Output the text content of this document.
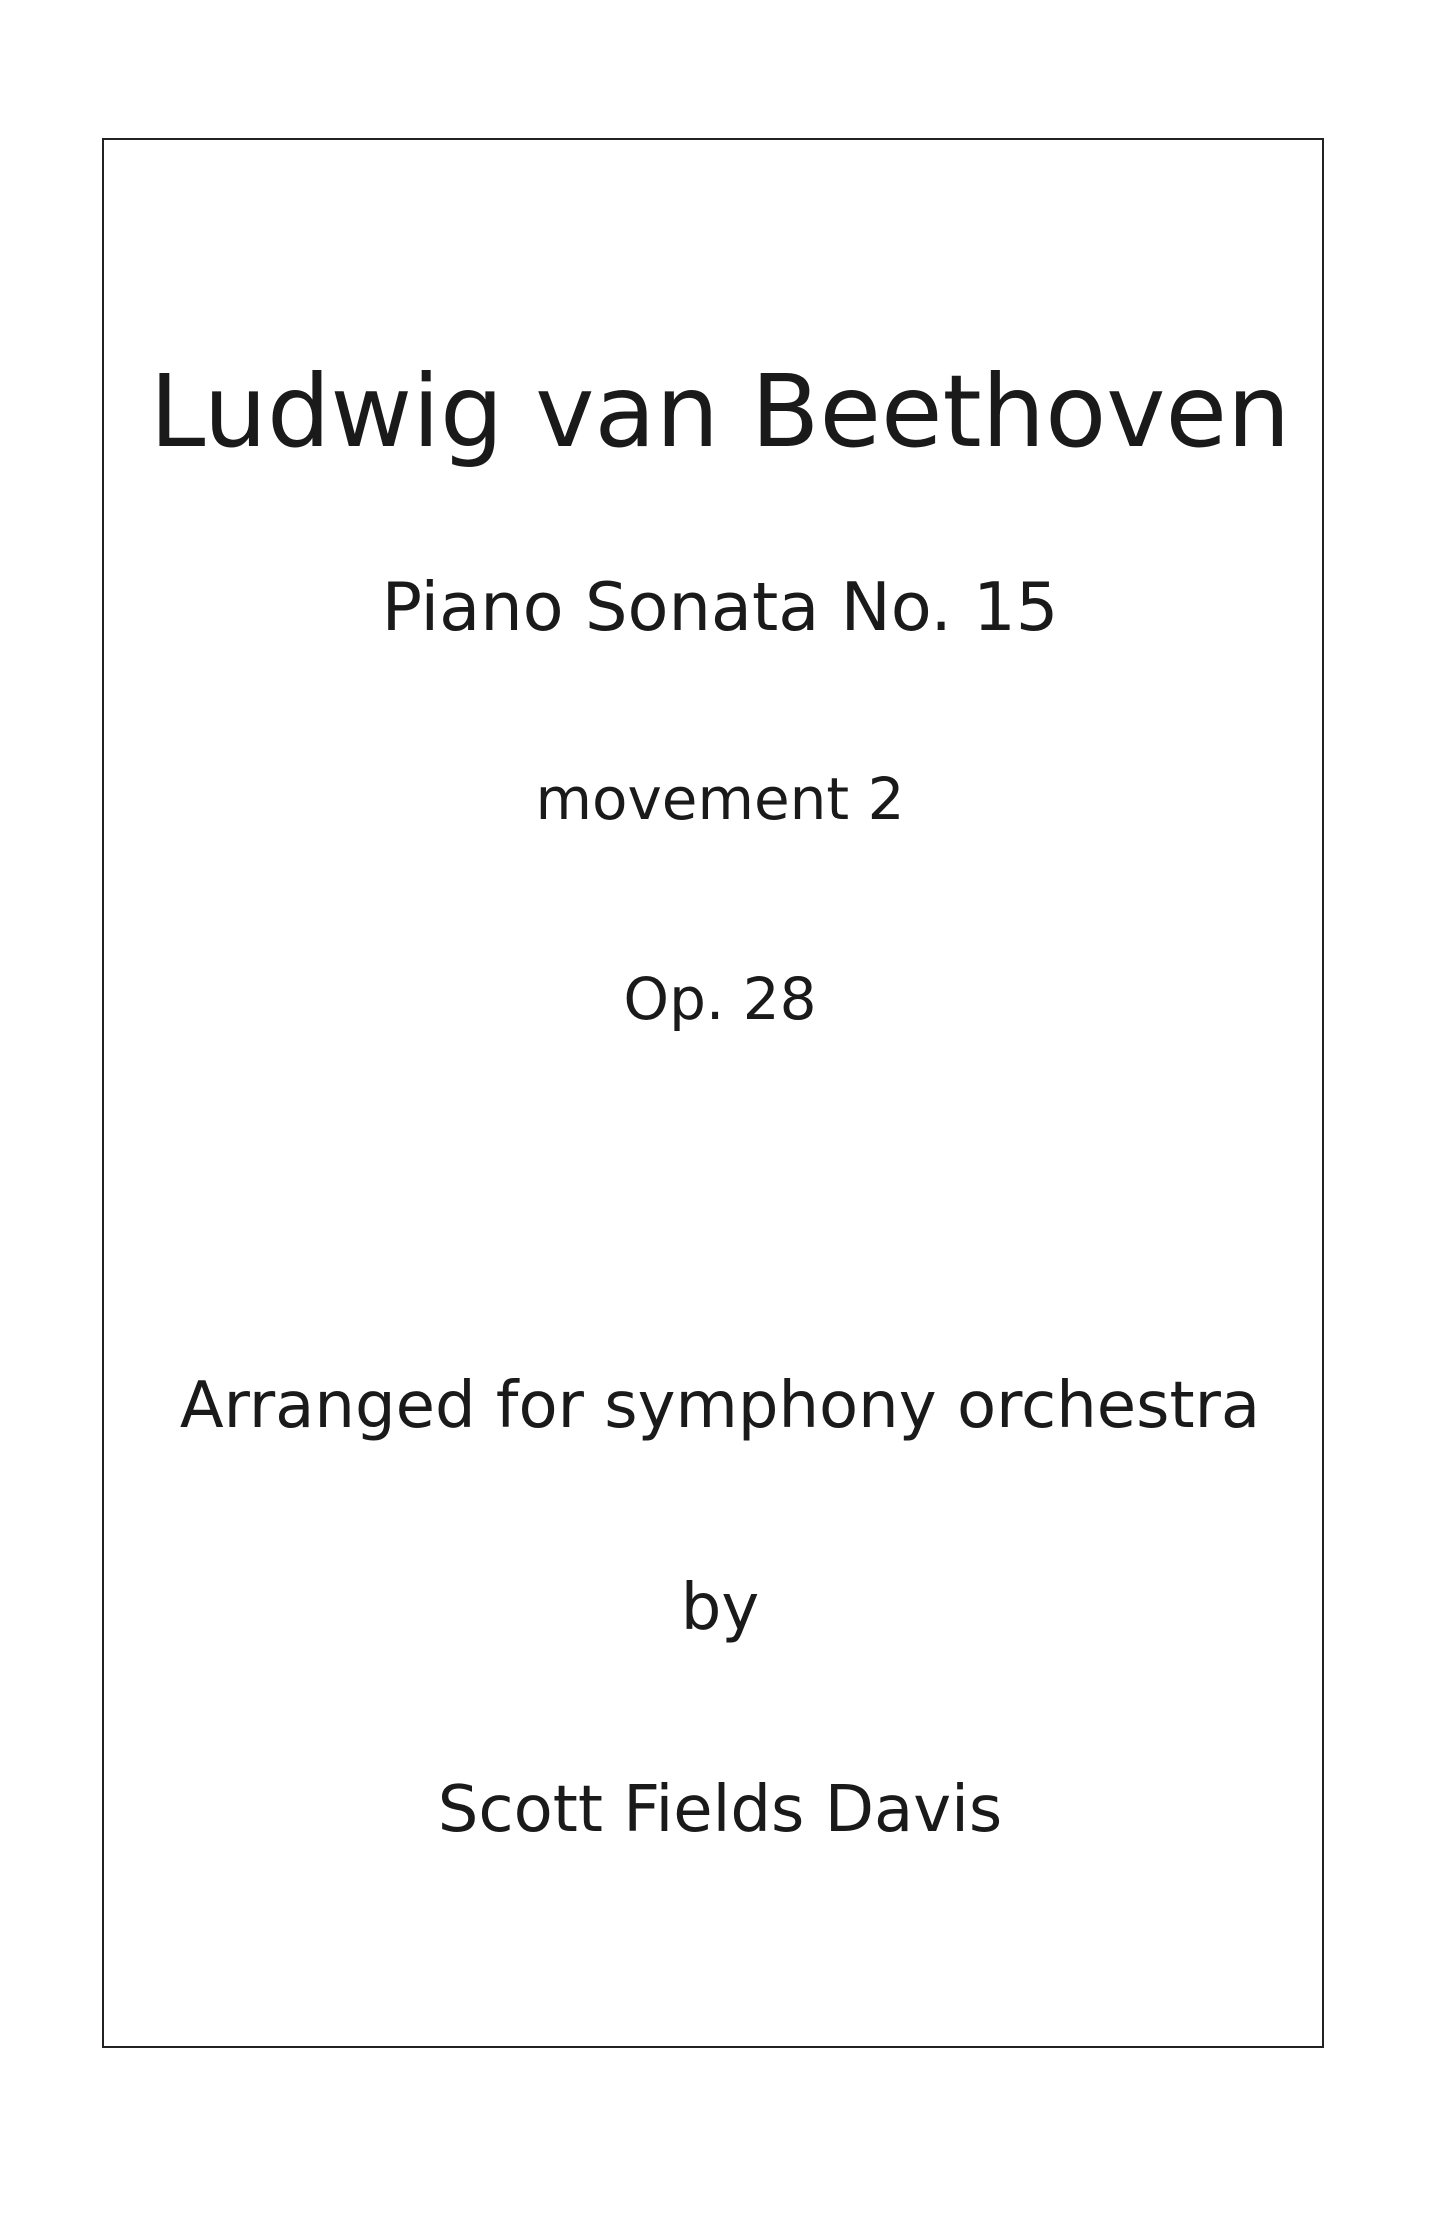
Ludwig van Beethoven
Piano Sonata No. 15
movement 2
Op. 28
Arranged for symphony orchestra
by
Scott Fields Davis
